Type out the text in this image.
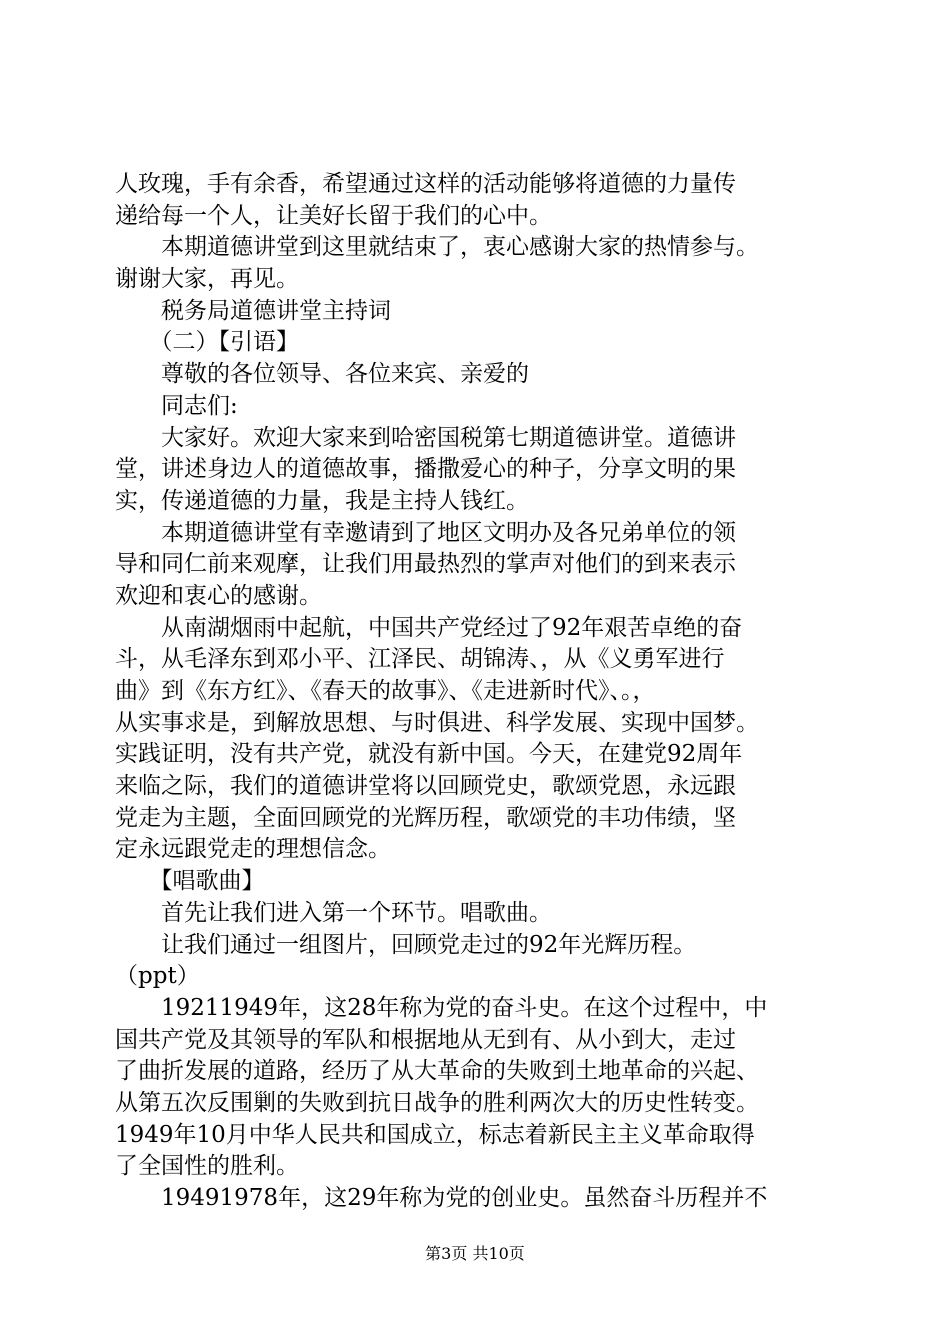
人玫瑰，手有余香，希望通过这样的活动能够将道德的力量传
递给每一个人，让美好长留于我们的心中。
　　本期道德讲堂到这里就结束了，衷心感谢大家的热情参与。
谢谢大家，再见。
　　税务局道德讲堂主持词
　　（二）【引语】
　　尊敬的各位领导、各位来宾、亲爱的
　　同志们:
　　大家好。欢迎大家来到哈密国税第七期道德讲堂。道德讲
堂，讲述身边人的道德故事，播撒爱心的种子，分享文明的果
实，传递道德的力量，我是主持人钱红。
　　本期道德讲堂有幸邀请到了地区文明办及各兄弟单位的领
导和同仁前来观摩，让我们用最热烈的掌声对他们的到来表示
欢迎和衷心的感谢。
　　从南湖烟雨中起航，中国共产党经过了92年艰苦卓绝的奋
斗，从毛泽东到邓小平、江泽民、胡锦涛、，从《义勇军进行
曲》到《东方红》、《春天的故事》、《走进新时代》、。，
从实事求是，到解放思想、与时俱进、科学发展、实现中国梦。
实践证明，没有共产党，就没有新中国。今天，在建党92周年
来临之际，我们的道德讲堂将以回顾党史，歌颂党恩，永远跟
党走为主题，全面回顾党的光辉历程，歌颂党的丰功伟绩，坚
定永远跟党走的理想信念。
　　【唱歌曲】
　　首先让我们进入第一个环节。唱歌曲。
　　让我们通过一组图片，回顾党走过的92年光辉历程。
（ppt）
　　19211949年，这28年称为党的奋斗史。在这个过程中，中
国共产党及其领导的军队和根据地从无到有、从小到大，走过
了曲折发展的道路，经历了从大革命的失败到土地革命的兴起、
从第五次反围剿的失败到抗日战争的胜利两次大的历史性转变。
1949年10月中华人民共和国成立，标志着新民主主义革命取得
了全国性的胜利。
　　19491978年，这29年称为党的创业史。虽然奋斗历程并不
第3页 共10页
